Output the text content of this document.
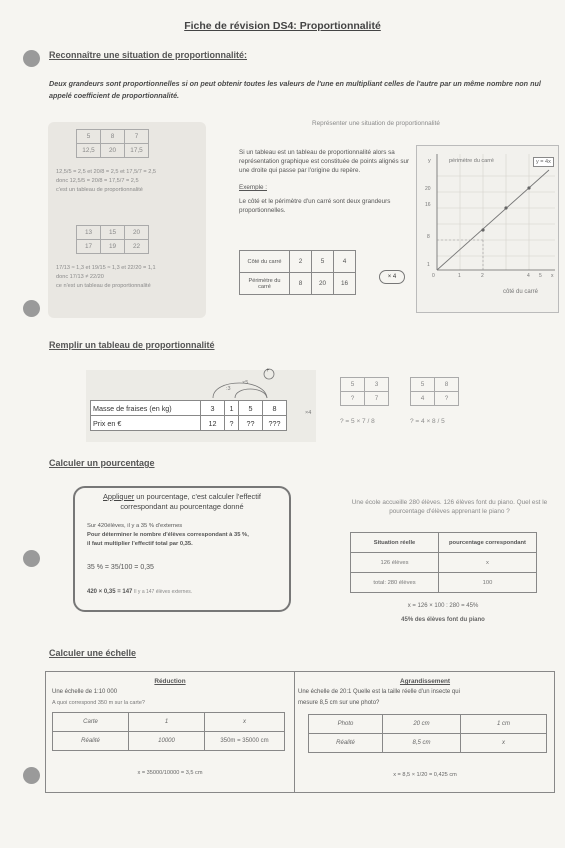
Fiche de révision DS4: Proportionnalité
Reconnaître une situation de proportionnalité:
Deux grandeurs sont proportionnelles si on peut obtenir toutes les valeurs de l'une en multipliant celles de l'autre par un même nombre non nul appelé coefficient de proportionnalité.
5	8	7
12,5	20	17,5
12,5/5 = 2,5 et 20/8 = 2,5 et 17,5/7 = 2,5
donc 12,5/5 = 20/8 = 17,5/7 = 2,5
c'est un tableau de proportionnalité
13	15	20
17	19	22
17/13 ≈ 1,3 et 19/15 ≈ 1,3 et 22/20 = 1,1
donc 17/13 ≠ 22/20
ce n'est un tableau de proportionnalité
Représenter une situation de proportionnalité
Si un tableau est un tableau de proportionnalité alors sa représentation graphique est constituée de points alignés sur une droite qui passe par l'origine du repère.
Exemple :
Le côté et le périmètre d'un carré sont deux grandeurs proportionnelles.
Côté du carré	2	5	4
Périmètre du carré	8	20	16
× 4
y	périmètre du carré	y = 4x
20
16
8
1
0	1	2	4 5 x
côté du carré
Remplir un tableau de proportionnalité
+
×5
:3
×4
Masse de fraises (en kg)	3	1	5	8
Prix en €	12	?	??	???
5	3
?	7
? = 5 × 7 / 8
5	8
4	?
? = 4 × 8 / 5
Calculer un pourcentage
Appliquer un pourcentage, c'est calculer l'effectif correspondant au pourcentage donné
Sur 420élèves, il y a 35 % d'externes
Pour déterminer le nombre d'élèves correspondant à 35 %,
il faut multiplier l'effectif total par 0,35.
35 % = 35/100 = 0,35
420 × 0,35 = 147 Il y a 147 élèves externes.
Une école accueille 280 élèves. 126 élèves font du piano. Quel est le pourcentage d'élèves apprenant le piano ?
Situation réelle	pourcentage correspondant
126 élèves	x
total: 280 élèves	100
x = 126 × 100 : 280 = 45%
45% des élèves font du piano
Calculer une échelle
Réduction
Une échelle de 1:10 000
A quoi correspond 350 m sur la carte?
Carte	1	x
Réalité	10000	350m = 35000 cm
x = 35000/10000 = 3,5 cm
Agrandissement
Une échelle de 20:1 Quelle est la taille réelle d'un insecte qui
mesure 8,5 cm sur une photo?
Photo	20 cm	1 cm
Réalité	8,5 cm	x
x = 8,5 × 1/20 = 0,425 cm
